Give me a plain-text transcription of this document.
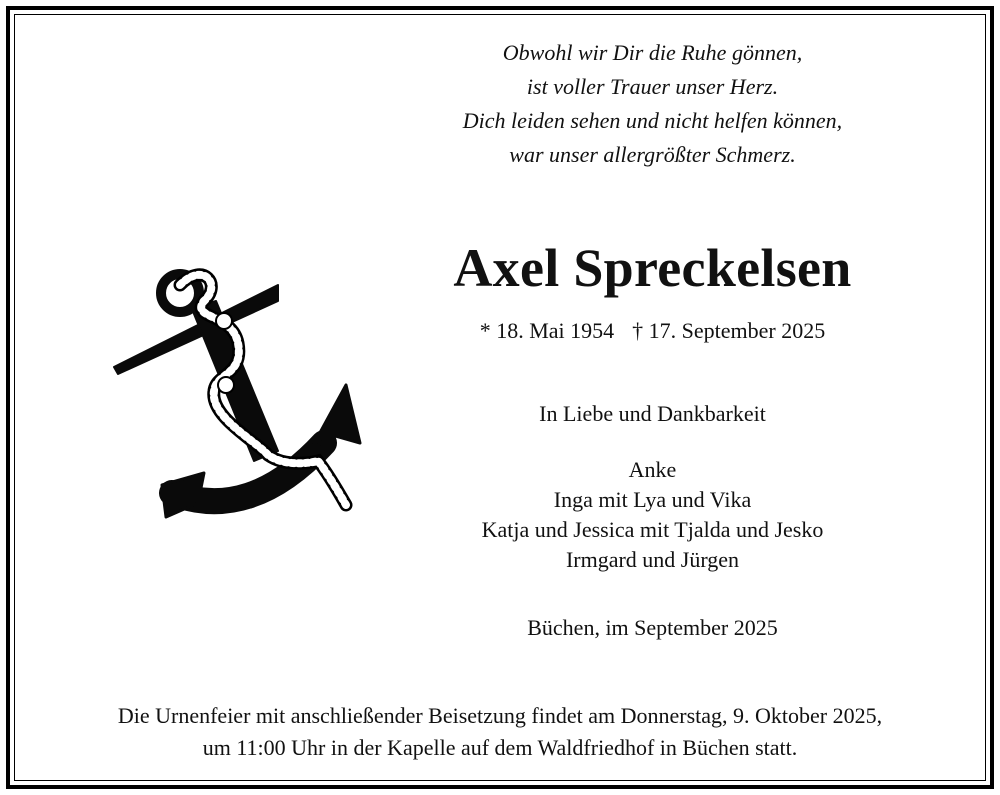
Obwohl wir Dir die Ruhe gönnen,
ist voller Trauer unser Herz.
Dich leiden sehen und nicht helfen können,
war unser allergrößter Schmerz.
Axel Spreckelsen
* 18. Mai 1954 † 17. September 2025
In Liebe und Dankbarkeit
Anke
Inga mit Lya und Vika
Katja und Jessica mit Tjalda und Jesko
Irmgard und Jürgen
Büchen, im September 2025
Die Urnenfeier mit anschließender Beisetzung findet am Donnerstag, 9. Oktober 2025,
um 11:00 Uhr in der Kapelle auf dem Waldfriedhof in Büchen statt.
